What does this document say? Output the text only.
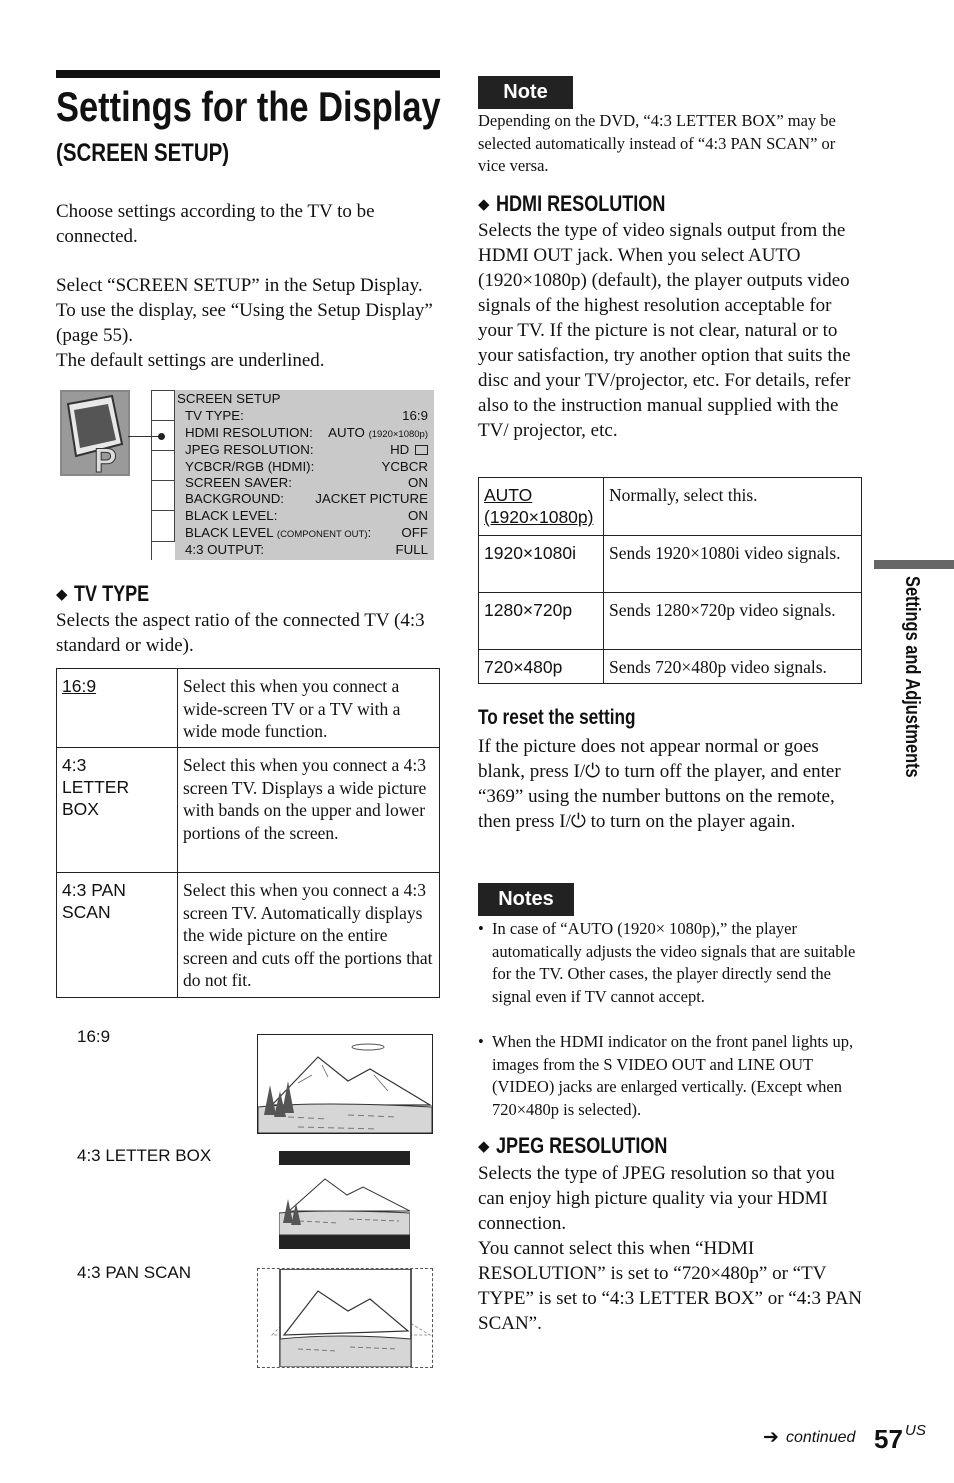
Settings for the Display
(SCREEN SETUP)
Choose settings according to the TV to be connected.
Select “SCREEN SETUP” in the Setup Display. To use the display, see “Using the Setup Display” (page 55).
The default settings are underlined.
P
SCREEN SETUP
TV TYPE:	16:9
HDMI RESOLUTION: AUTO (1920×1080p)
JPEG RESOLUTION:	HD
YCBCR/RGB (HDMI):	YCBCR
SCREEN SAVER:	ON
BACKGROUND: JACKET PICTURE
BLACK LEVEL:	ON
BLACK LEVEL (COMPONENT OUT): OFF
4:3 OUTPUT:	FULL
◆ TV TYPE
Selects the aspect ratio of the connected TV (4:3 standard or wide).
16:9	Select this when you connect a wide-screen TV or a TV with a wide mode function.
4:3 LETTER BOX	Select this when you connect a 4:3 screen TV. Displays a wide picture with bands on the upper and lower portions of the screen.

4:3 PAN SCAN	Select this when you connect a 4:3 screen TV. Automatically displays the wide picture on the entire screen and cuts off the portions that do not fit.
16:9
4:3 LETTER BOX
4:3 PAN SCAN
Note
Depending on the DVD, “4:3 LETTER BOX” may be selected automatically instead of “4:3 PAN SCAN” or vice versa.
◆ HDMI RESOLUTION
Selects the type of video signals output from the HDMI OUT jack. When you select AUTO (1920×1080p) (default), the player outputs video signals of the highest resolution acceptable for your TV. If the picture is not clear, natural or to your satisfaction, try another option that suits the disc and your TV/projector, etc. For details, refer also to the instruction manual supplied with the TV/ projector, etc.
AUTO (1920×1080p)	Normally, select this.
1920×1080i	Sends 1920×1080i video signals.
1280×720p	Sends 1280×720p video signals.
720×480p	Sends 720×480p video signals.
To reset the setting
If the picture does not appear normal or goes blank, press I/⏻ to turn off the player, and enter “369” using the number buttons on the remote, then press I/⏻ to turn on the player again.
Notes
• In case of “AUTO (1920× 1080p),” the player automatically adjusts the video signals that are suitable for the TV. Other cases, the player directly send the signal even if TV cannot accept.
• When the HDMI indicator on the front panel lights up, images from the S VIDEO OUT and LINE OUT (VIDEO) jacks are enlarged vertically. (Except when 720×480p is selected).
◆ JPEG RESOLUTION
Selects the type of JPEG resolution so that you can enjoy high picture quality via your HDMI connection.
You cannot select this when “HDMI RESOLUTION” is set to “720×480p” or “TV TYPE” is set to “4:3 LETTER BOX” or “4:3 PAN SCAN”.
Settings and Adjustments
➔ continued 57 US
